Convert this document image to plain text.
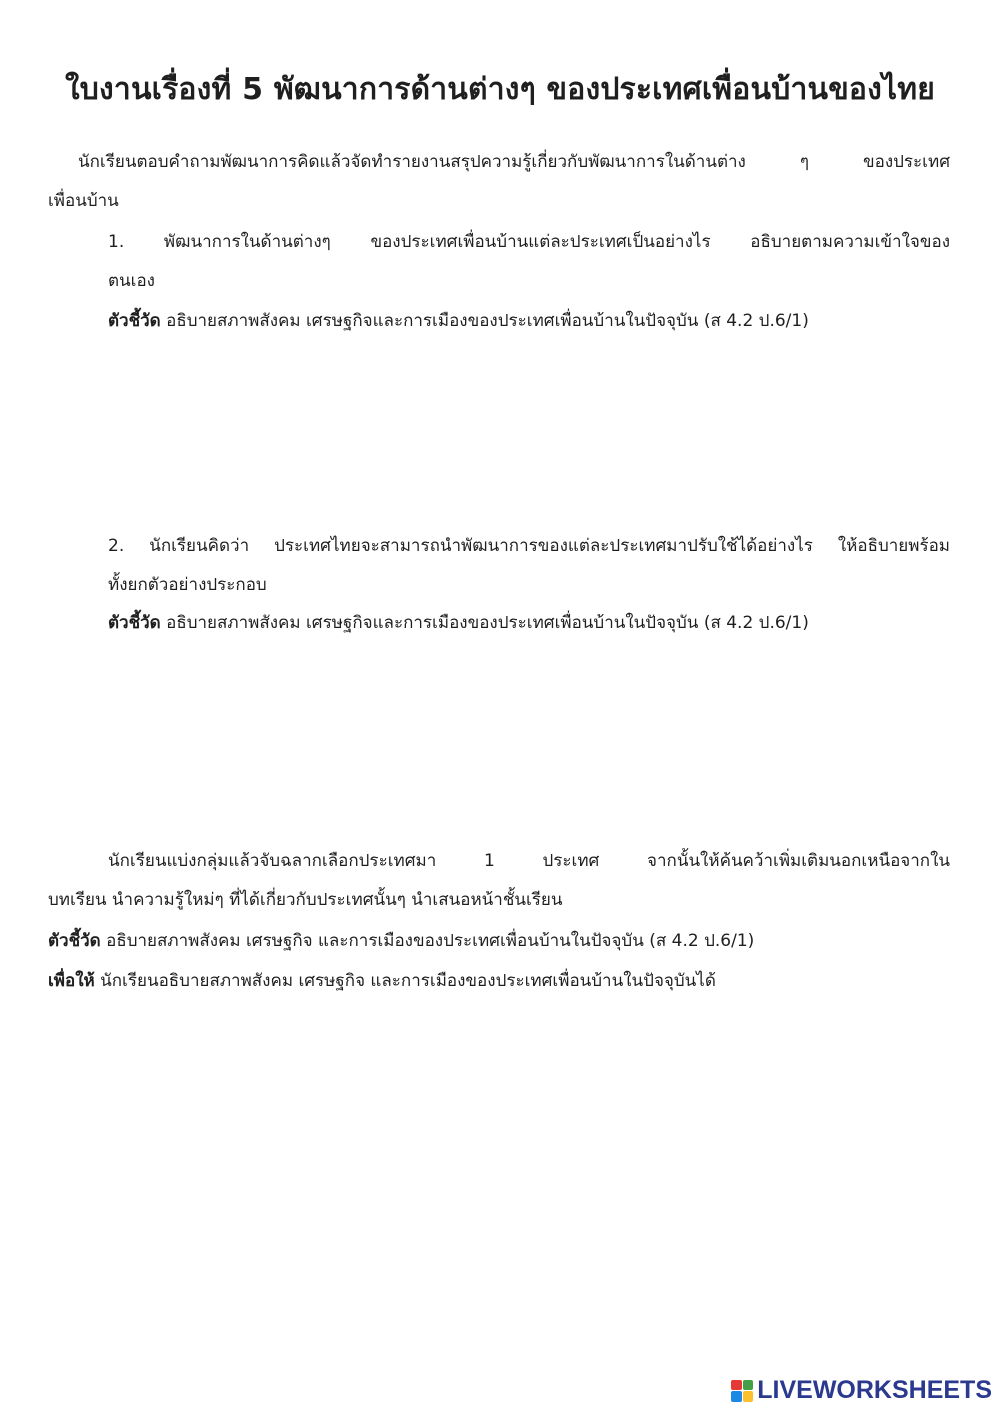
ใบงานเรื่องที่ 5 พัฒนาการด้านต่างๆ ของประเทศเพื่อนบ้านของไทย
นักเรียนตอบคำถามพัฒนาการคิดแล้วจัดทำรายงานสรุปความรู้เกี่ยวกับพัฒนาการในด้านต่าง ๆ ของประเทศ
เพื่อนบ้าน
1. พัฒนาการในด้านต่างๆ ของประเทศเพื่อนบ้านแต่ละประเทศเป็นอย่างไร อธิบายตามความเข้าใจของ
ตนเอง
ตัวชี้วัด อธิบายสภาพสังคม เศรษฐกิจและการเมืองของประเทศเพื่อนบ้านในปัจจุบัน (ส 4.2 ป.6/1)
2. นักเรียนคิดว่า ประเทศไทยจะสามารถนำพัฒนาการของแต่ละประเทศมาปรับใช้ได้อย่างไร ให้อธิบายพร้อม
ทั้งยกตัวอย่างประกอบ
ตัวชี้วัด อธิบายสภาพสังคม เศรษฐกิจและการเมืองของประเทศเพื่อนบ้านในปัจจุบัน (ส 4.2 ป.6/1)
นักเรียนแบ่งกลุ่มแล้วจับฉลากเลือกประเทศมา 1 ประเทศ จากนั้นให้ค้นคว้าเพิ่มเติมนอกเหนือจากใน
บทเรียน นำความรู้ใหม่ๆ ที่ได้เกี่ยวกับประเทศนั้นๆ นำเสนอหน้าชั้นเรียน
ตัวชี้วัด อธิบายสภาพสังคม เศรษฐกิจ และการเมืองของประเทศเพื่อนบ้านในปัจจุบัน (ส 4.2 ป.6/1)
เพื่อให้ นักเรียนอธิบายสภาพสังคม เศรษฐกิจ และการเมืองของประเทศเพื่อนบ้านในปัจจุบันได้
LIVEWORKSHEETS
